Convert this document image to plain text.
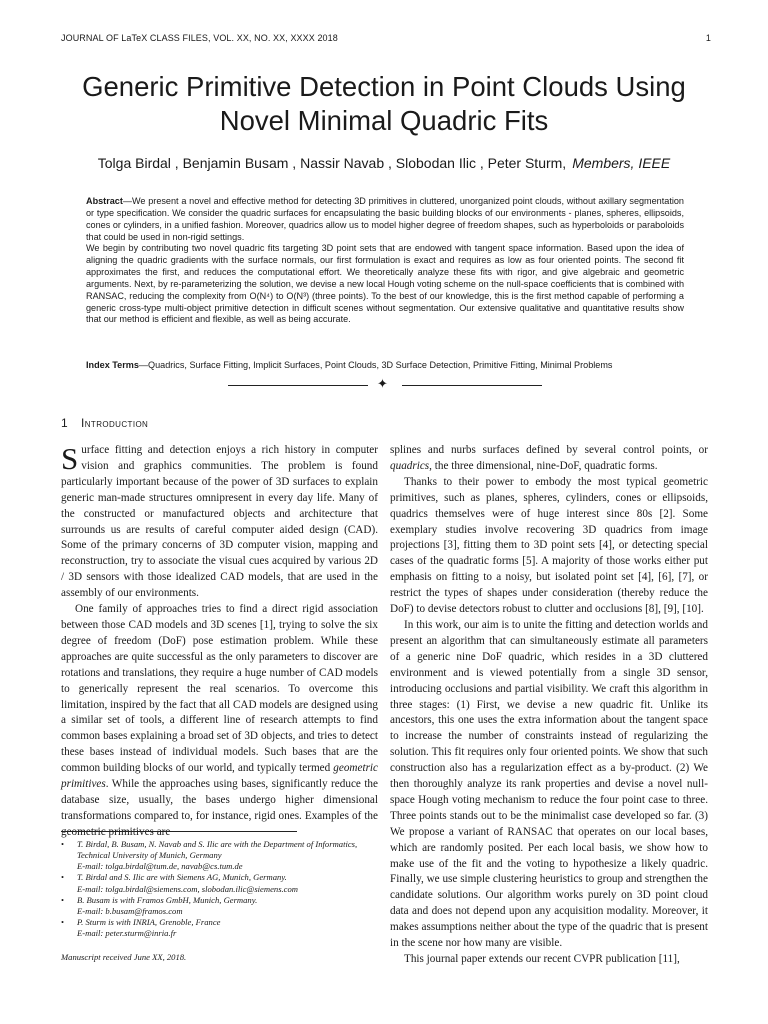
JOURNAL OF LaTeX CLASS FILES, VOL. XX, NO. XX, XXXX 2018	1
Generic Primitive Detection in Point Clouds Using Novel Minimal Quadric Fits
Tolga Birdal , Benjamin Busam , Nassir Navab , Slobodan Ilic , Peter Sturm, Members, IEEE

Abstract—We present a novel and effective method for detecting 3D primitives in cluttered, unorganized point clouds, without axillary segmentation or type specification. We consider the quadric surfaces for encapsulating the basic building blocks of our environments - planes, spheres, ellipsoids, cones or cylinders, in a unified fashion. Moreover, quadrics allow us to model higher degree of freedom shapes, such as hyperboloids or paraboloids that could be used in non-rigid settings.

We begin by contributing two novel quadric fits targeting 3D point sets that are endowed with tangent space information. Based upon the idea of aligning the quadric gradients with the surface normals, our first formulation is exact and requires as low as four oriented points. The second fit approximates the first, and reduces the computational effort. We theoretically analyze these fits with rigor, and give algebraic and geometric arguments. Next, by re-parameterizing the solution, we devise a new local Hough voting scheme on the null-space coefficients that is combined with RANSAC, reducing the complexity from O(N⁴) to O(N³) (three points). To the best of our knowledge, this is the first method capable of performing a generic cross-type multi-object primitive detection in difficult scenes without segmentation. Our extensive qualitative and quantitative results show that our method is efficient and flexible, as well as being accurate.

Index Terms—Quadrics, Surface Fitting, Implicit Surfaces, Point Clouds, 3D Surface Detection, Primitive Fitting, Minimal Problems
✦
1 Introduction

Surface fitting and detection enjoys a rich history in computer vision and graphics communities. The problem is found particularly important because of the power of 3D surfaces to explain generic man-made structures omnipresent in every day life. Many of the constructed or manufactured objects and architecture that surrounds us are results of careful computer aided design (CAD). Some of the primary concerns of 3D computer vision, mapping and reconstruction, try to associate the visual cues acquired by various 2D / 3D sensors with those idealized CAD models, that are used in the assembly of our environments.

One family of approaches tries to find a direct rigid association between those CAD models and 3D scenes [1], trying to solve the six degree of freedom (DoF) pose estimation problem. While these approaches are quite successful as the only parameters to discover are rotations and translations, they require a huge number of CAD models to generically represent the real scenarios. To overcome this limitation, inspired by the fact that all CAD models are designed using a similar set of tools, a different line of research attempts to find common bases explaining a broad set of 3D objects, and tries to detect these bases instead of individual models. Such bases that are the common building blocks of our world, and typically termed geometric primitives. While the approaches using bases, significantly reduce the database size, usually, the bases undergo higher dimensional transformations compared to, for instance, rigid ones. Examples of the geometric primitives are

• T. Birdal, B. Busam, N. Navab and S. Ilic are with the Department of Informatics, Technical University of Munich, Germany
E-mail: tolga.birdal@tum.de, navab@cs.tum.de
• T. Birdal and S. Ilic are with Siemens AG, Munich, Germany.
E-mail: tolga.birdal@siemens.com, slobodan.ilic@siemens.com
• B. Busam is with Framos GmbH, Munich, Germany.
E-mail: b.busam@framos.com
• P. Sturm is with INRIA, Grenoble, France
E-mail: peter.sturm@inria.fr
Manuscript received June XX, 2018.

splines and nurbs surfaces defined by several control points, or quadrics, the three dimensional, nine-DoF, quadratic forms.

Thanks to their power to embody the most typical geometric primitives, such as planes, spheres, cylinders, cones or ellipsoids, quadrics themselves were of huge interest since 80s [2]. Some exemplary studies involve recovering 3D quadrics from image projections [3], fitting them to 3D point sets [4], or detecting special cases of the quadratic forms [5]. A majority of those works either put emphasis on fitting to a noisy, but isolated point set [4], [6], [7], or restrict the types of shapes under consideration (thereby reduce the DoF) to devise detectors robust to clutter and occlusions [8], [9], [10].

In this work, our aim is to unite the fitting and detection worlds and present an algorithm that can simultaneously estimate all parameters of a generic nine DoF quadric, which resides in a 3D cluttered environment and is viewed potentially from a single 3D sensor, introducing occlusions and partial visibility. We craft this algorithm in three stages: (1) First, we devise a new quadric fit. Unlike its ancestors, this one uses the extra information about the tangent space to increase the number of constraints instead of regularizing the solution. This fit requires only four oriented points. We show that such construction also has a regularization effect as a by-product. (2) We then thoroughly analyze its rank properties and devise a novel null-space Hough voting mechanism to reduce the four point case to three. Three points stands out to be the minimalist case developed so far. (3) We propose a variant of RANSAC that operates on our local bases, which are randomly posited. Per each local basis, we show how to make use of the fit and the voting to hypothesize a likely quadric. Finally, we use simple clustering heuristics to group and strengthen the candidate solutions. Our algorithm works purely on 3D point cloud data and does not depend upon any acquisition modality. Moreover, it makes assumptions neither about the type of the quadric that is present in the scene nor how many are visible.

This journal paper extends our recent CVPR publication [11],
